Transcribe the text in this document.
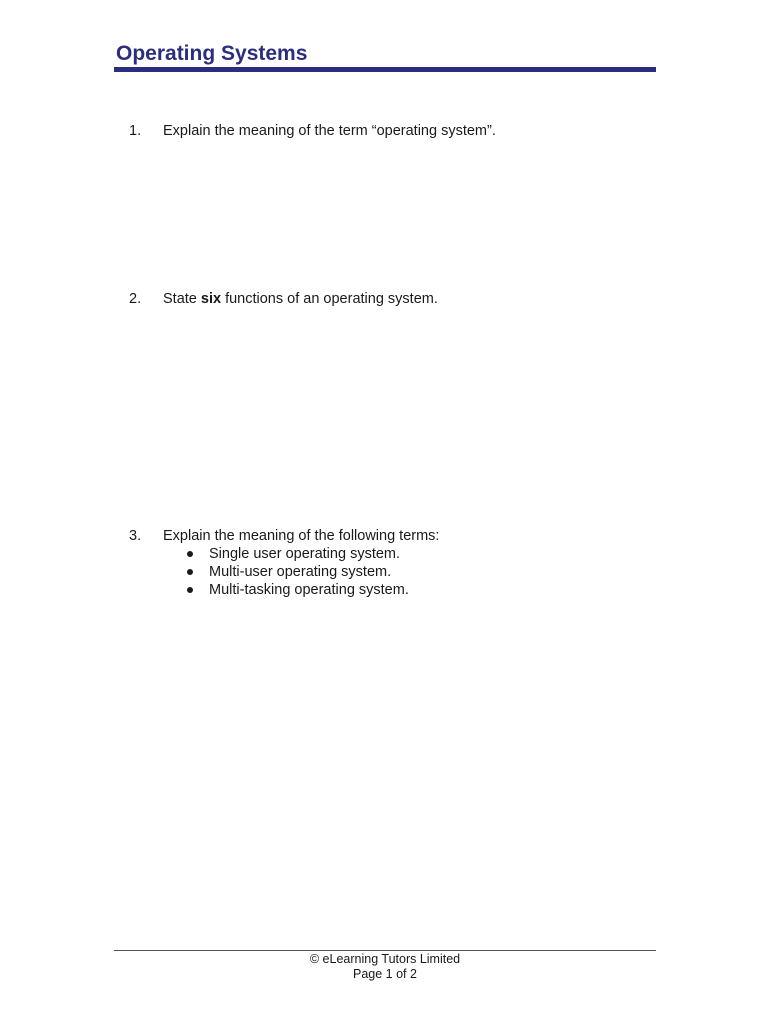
Operating Systems
1. Explain the meaning of the term “operating system”.
2. State six functions of an operating system.
3. Explain the meaning of the following terms:
Single user operating system.
Multi-user operating system.
Multi-tasking operating system.
© eLearning Tutors Limited
Page 1 of 2
